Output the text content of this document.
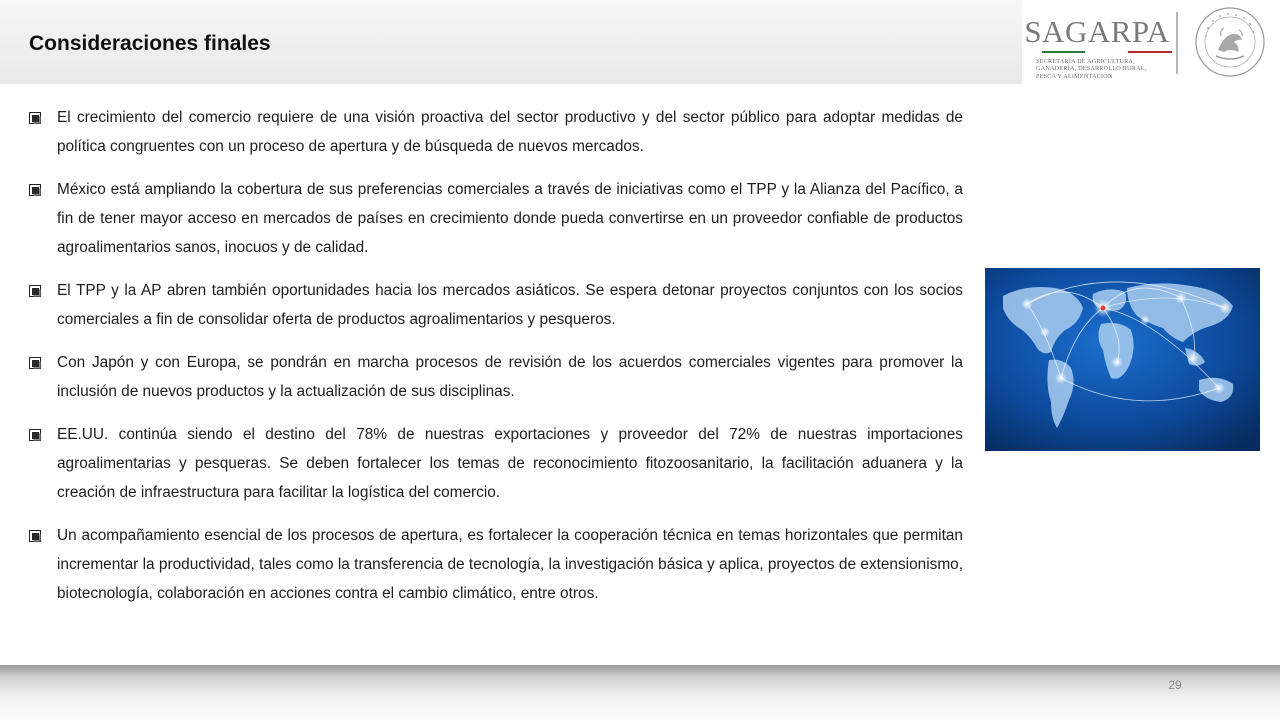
Consideraciones finales	SAGARPA
SECRETARÍA DE AGRICULTURA,
GANADERÍA, DESARROLLO RURAL,
PESCA Y ALIMENTACIÓN
El crecimiento del comercio requiere de una visión proactiva del sector productivo y del sector público para adoptar medidas de política congruentes con un proceso de apertura y de búsqueda de nuevos mercados.
México está ampliando la cobertura de sus preferencias comerciales a través de iniciativas como el TPP y la Alianza del Pacífico, a fin de tener mayor acceso en mercados de países en crecimiento donde pueda convertirse en un proveedor confiable de productos agroalimentarios sanos, inocuos y de calidad.
El TPP y la AP abren también oportunidades hacia los mercados asiáticos. Se espera detonar proyectos conjuntos con los socios comerciales a fin de consolidar oferta de productos agroalimentarios y pesqueros.
Con Japón y con Europa, se pondrán en marcha procesos de revisión de los acuerdos comerciales vigentes para promover la inclusión de nuevos productos y la actualización de sus disciplinas.
EE.UU. continúa siendo el destino del 78% de nuestras exportaciones y proveedor del 72% de nuestras importaciones agroalimentarias y pesqueras. Se deben fortalecer los temas de reconocimiento fitozoosanitario, la facilitación aduanera y la creación de infraestructura para facilitar la logística del comercio.
Un acompañamiento esencial de los procesos de apertura, es fortalecer la cooperación técnica en temas horizontales que permitan incrementar la productividad, tales como la transferencia de tecnología, la investigación básica y aplica, proyectos de extensionismo, biotecnología, colaboración en acciones contra el cambio climático, entre otros.
29
